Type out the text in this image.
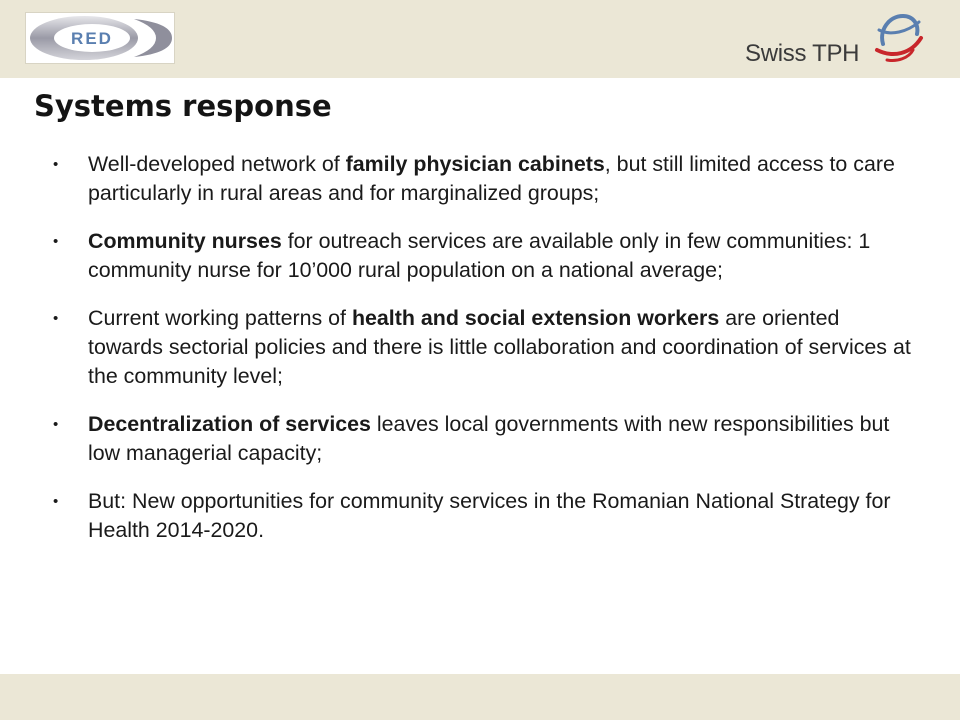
RED
Swiss TPH
Systems response
• Well-developed network of family physician cabinets, but still limited access to care particularly in rural areas and for marginalized groups;
• Community nurses for outreach services are available only in few communities: 1 community nurse for 10’000 rural population on a national average;
• Current working patterns of health and social extension workers are oriented towards sectorial policies and there is little collaboration and coordination of services at the community level;
• Decentralization of services leaves local governments with new responsibilities but low managerial capacity;
• But: New opportunities for community services in the Romanian National Strategy for Health 2014-2020.
